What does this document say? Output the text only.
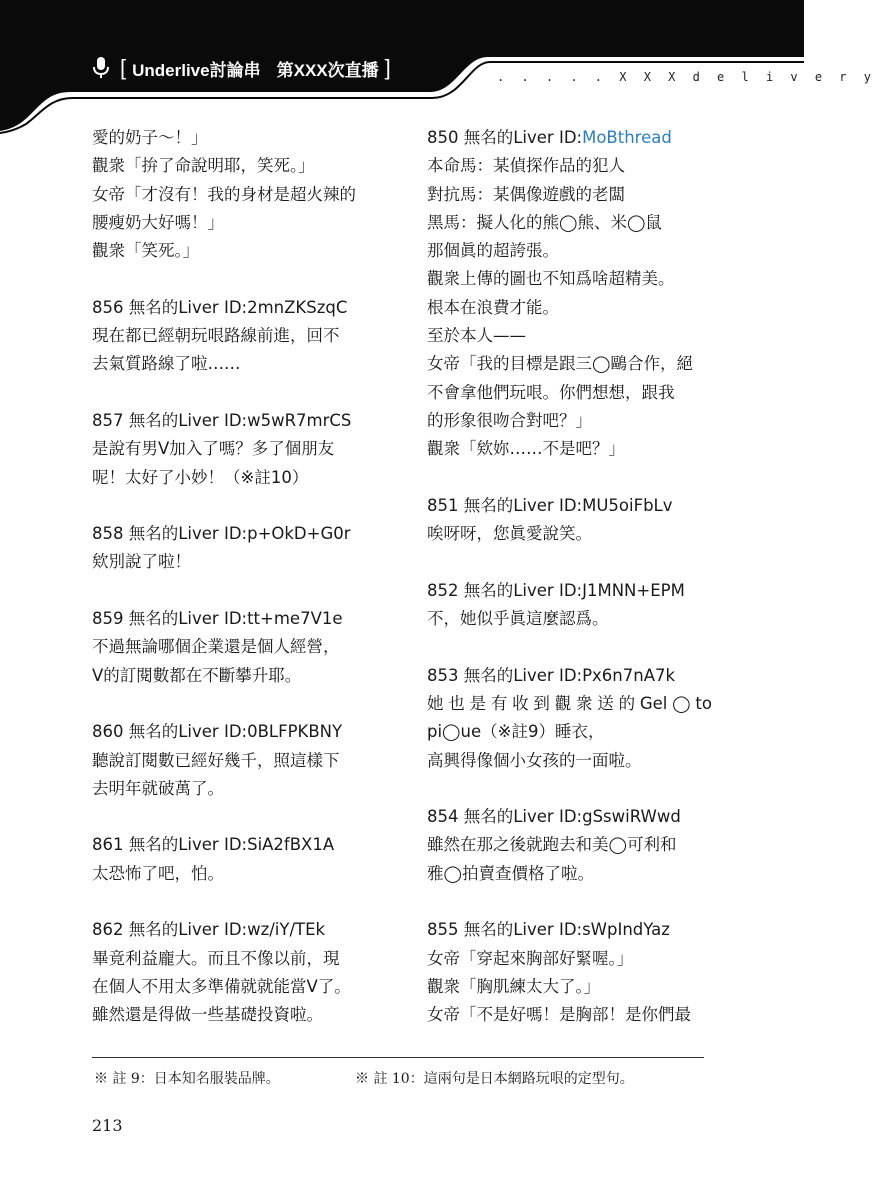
[ Underlive討論串 第XXX次直播 ]	. . . . . X X X d e l i v e r y
愛的奶子～！」
觀衆「拚了命說明耶，笑死。」
女帝「才沒有！我的身材是超火辣的
腰瘦奶大好嗎！」
觀衆「笑死。」
856 無名的Liver ID:2mnZKSzqC
現在都已經朝玩哏路線前進，回不
去氣質路線了啦……
857 無名的Liver ID:w5wR7mrCS
是說有男V加入了嗎？多了個朋友
呢！太好了小妙！（※註10）
858 無名的Liver ID:p+OkD+G0r
欸別說了啦！
859 無名的Liver ID:tt+me7V1e
不過無論哪個企業還是個人經營，
V的訂閱數都在不斷攀升耶。
860 無名的Liver ID:0BLFPKBNY
聽說訂閱數已經好幾千，照這樣下
去明年就破萬了。
861 無名的Liver ID:SiA2fBX1A
太恐怖了吧，怕。
862 無名的Liver ID:wz/iY/TEk
畢竟利益龐大。而且不像以前，現
在個人不用太多準備就就能當V了。
雖然還是得做一些基礎投資啦。
850 無名的Liver ID:MoBthread
本命馬：某偵探作品的犯人
對抗馬：某偶像遊戲的老闆
黑馬：擬人化的熊◯熊、米◯鼠
那個眞的超誇張。
觀衆上傳的圖也不知爲啥超精美。
根本在浪費才能。
至於本人——
女帝「我的目標是跟三◯鷗合作，絕
不會拿他們玩哏。你們想想，跟我
的形象很吻合對吧？」
觀衆「欸妳……不是吧？」
851 無名的Liver ID:MU5oiFbLv
唉呀呀，您眞愛說笑。
852 無名的Liver ID:J1MNN+EPM
不，她似乎眞這麼認爲。
853 無名的Liver ID:Px6n7nA7k
她也是有收到觀衆送的Gel◯to
pi◯ue（※註9）睡衣，
高興得像個小女孩的一面啦。
854 無名的Liver ID:gSswiRWwd
雖然在那之後就跑去和美◯可利和
雅◯拍賣查價格了啦。
855 無名的Liver ID:sWpIndYaz
女帝「穿起來胸部好緊喔。」
觀衆「胸肌練太大了。」
女帝「不是好嗎！是胸部！是你們最
※ 註 9：日本知名服裝品牌。	※ 註 10：這兩句是日本網路玩哏的定型句。
213
